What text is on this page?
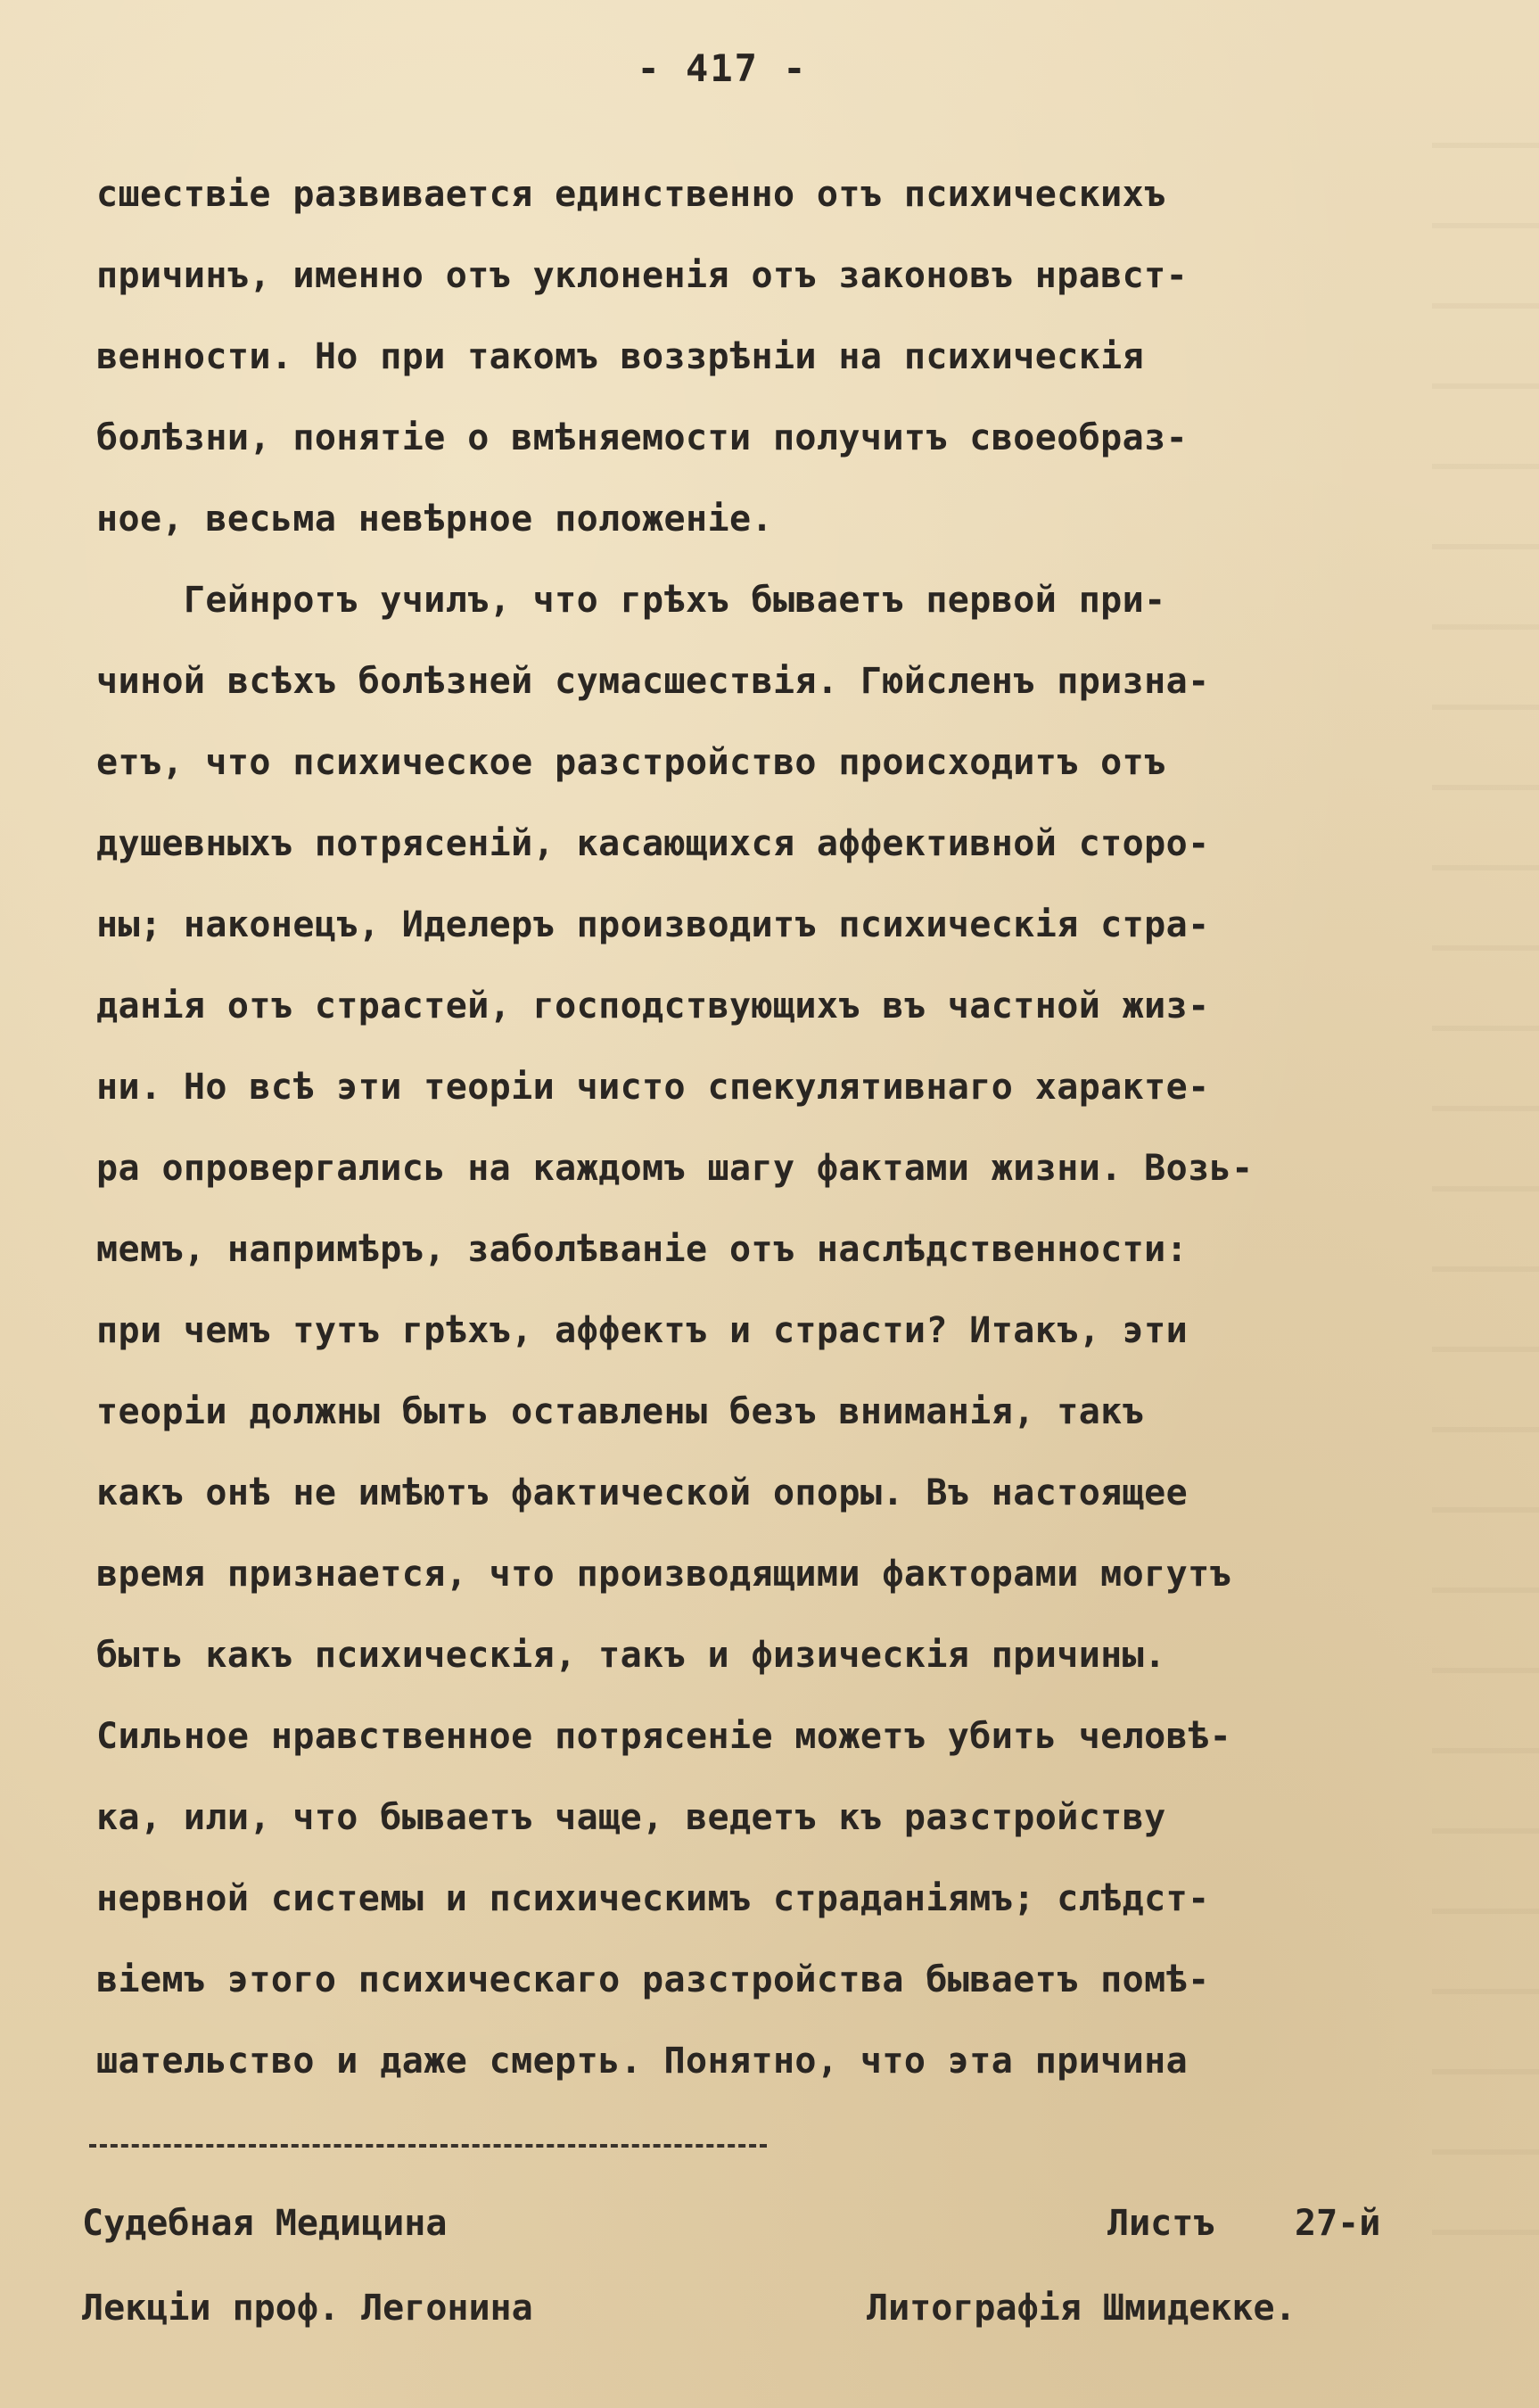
- 417 -
сшествіе развивается единственно отъ психическихъ
причинъ, именно отъ уклоненія отъ законовъ нравст-
венности. Но при такомъ воззрѣніи на психическія
болѣзни, понятіе о вмѣняемости получитъ своеобраз-
ное, весьма невѣрное положеніе.
Гейнротъ училъ, что грѣхъ бываетъ первой при-
чиной всѣхъ болѣзней сумасшествія. Гюйсленъ призна-
етъ, что психическое разстройство происходитъ отъ
душевныхъ потрясеній, касающихся аффективной сторо-
ны; наконецъ, Иделеръ производитъ психическія стра-
данія отъ страстей, господствующихъ въ частной жиз-
ни. Но всѣ эти теоріи чисто спекулятивнаго характе-
ра опровергались на каждомъ шагу фактами жизни. Возь-
мемъ, напримѣръ, заболѣваніе отъ наслѣдственности:
при чемъ тутъ грѣхъ, аффектъ и страсти? Итакъ, эти
теоріи должны быть оставлены безъ вниманія, такъ
какъ онѣ не имѣютъ фактической опоры. Въ настоящее
время признается, что производящими факторами могутъ
быть какъ психическія, такъ и физическія причины.
Сильное нравственное потрясеніе можетъ убить человѣ-
ка, или, что бываетъ чаще, ведетъ къ разстройству
нервной системы и психическимъ страданіямъ; слѣдст-
віемъ этого психическаго разстройства бываетъ помѣ-
шательство и даже смерть. Понятно, что эта причина

Судебная Медицина

	Листъ

27-й

Лекціи проф. Легонина

	Литографія Шмидекке.
